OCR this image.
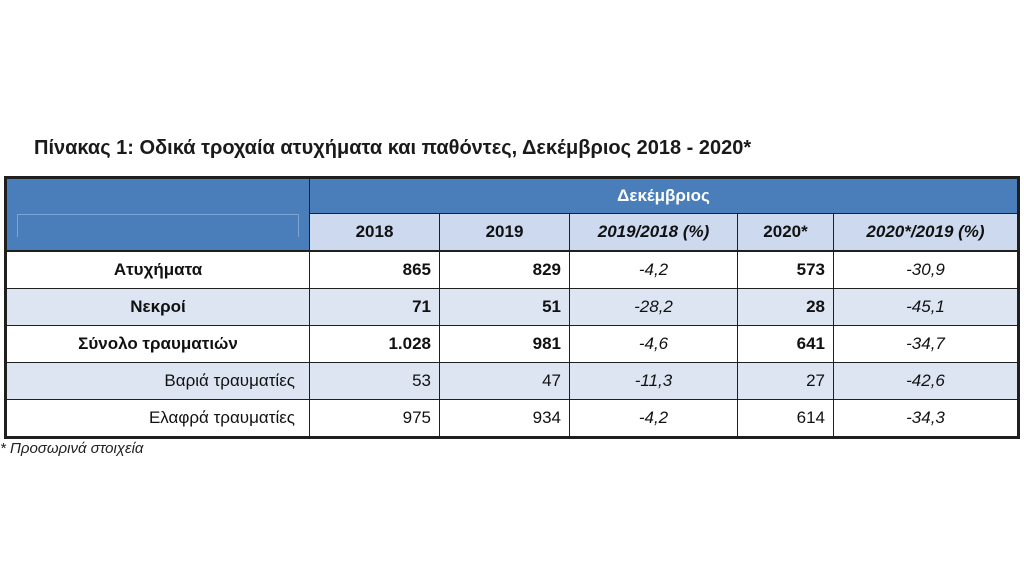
Πίνακας 1: Οδικά τροχαία ατυχήματα και παθόντες, Δεκέμβριος 2018 - 2020*
	Δεκέμβριος				
	2018	2019	2019/2018 (%)	2020*	2020*/2019 (%)
Ατυχήματα	865	829	-4,2	573	-30,9
Νεκροί	71	51	-28,2	28	-45,1
Σύνολο τραυματιών	1.028	981	-4,6	641	-34,7
Βαριά τραυματίες	53	47	-11,3	27	-42,6
Ελαφρά τραυματίες	975	934	-4,2	614	-34,3
* Προσωρινά στοιχεία
